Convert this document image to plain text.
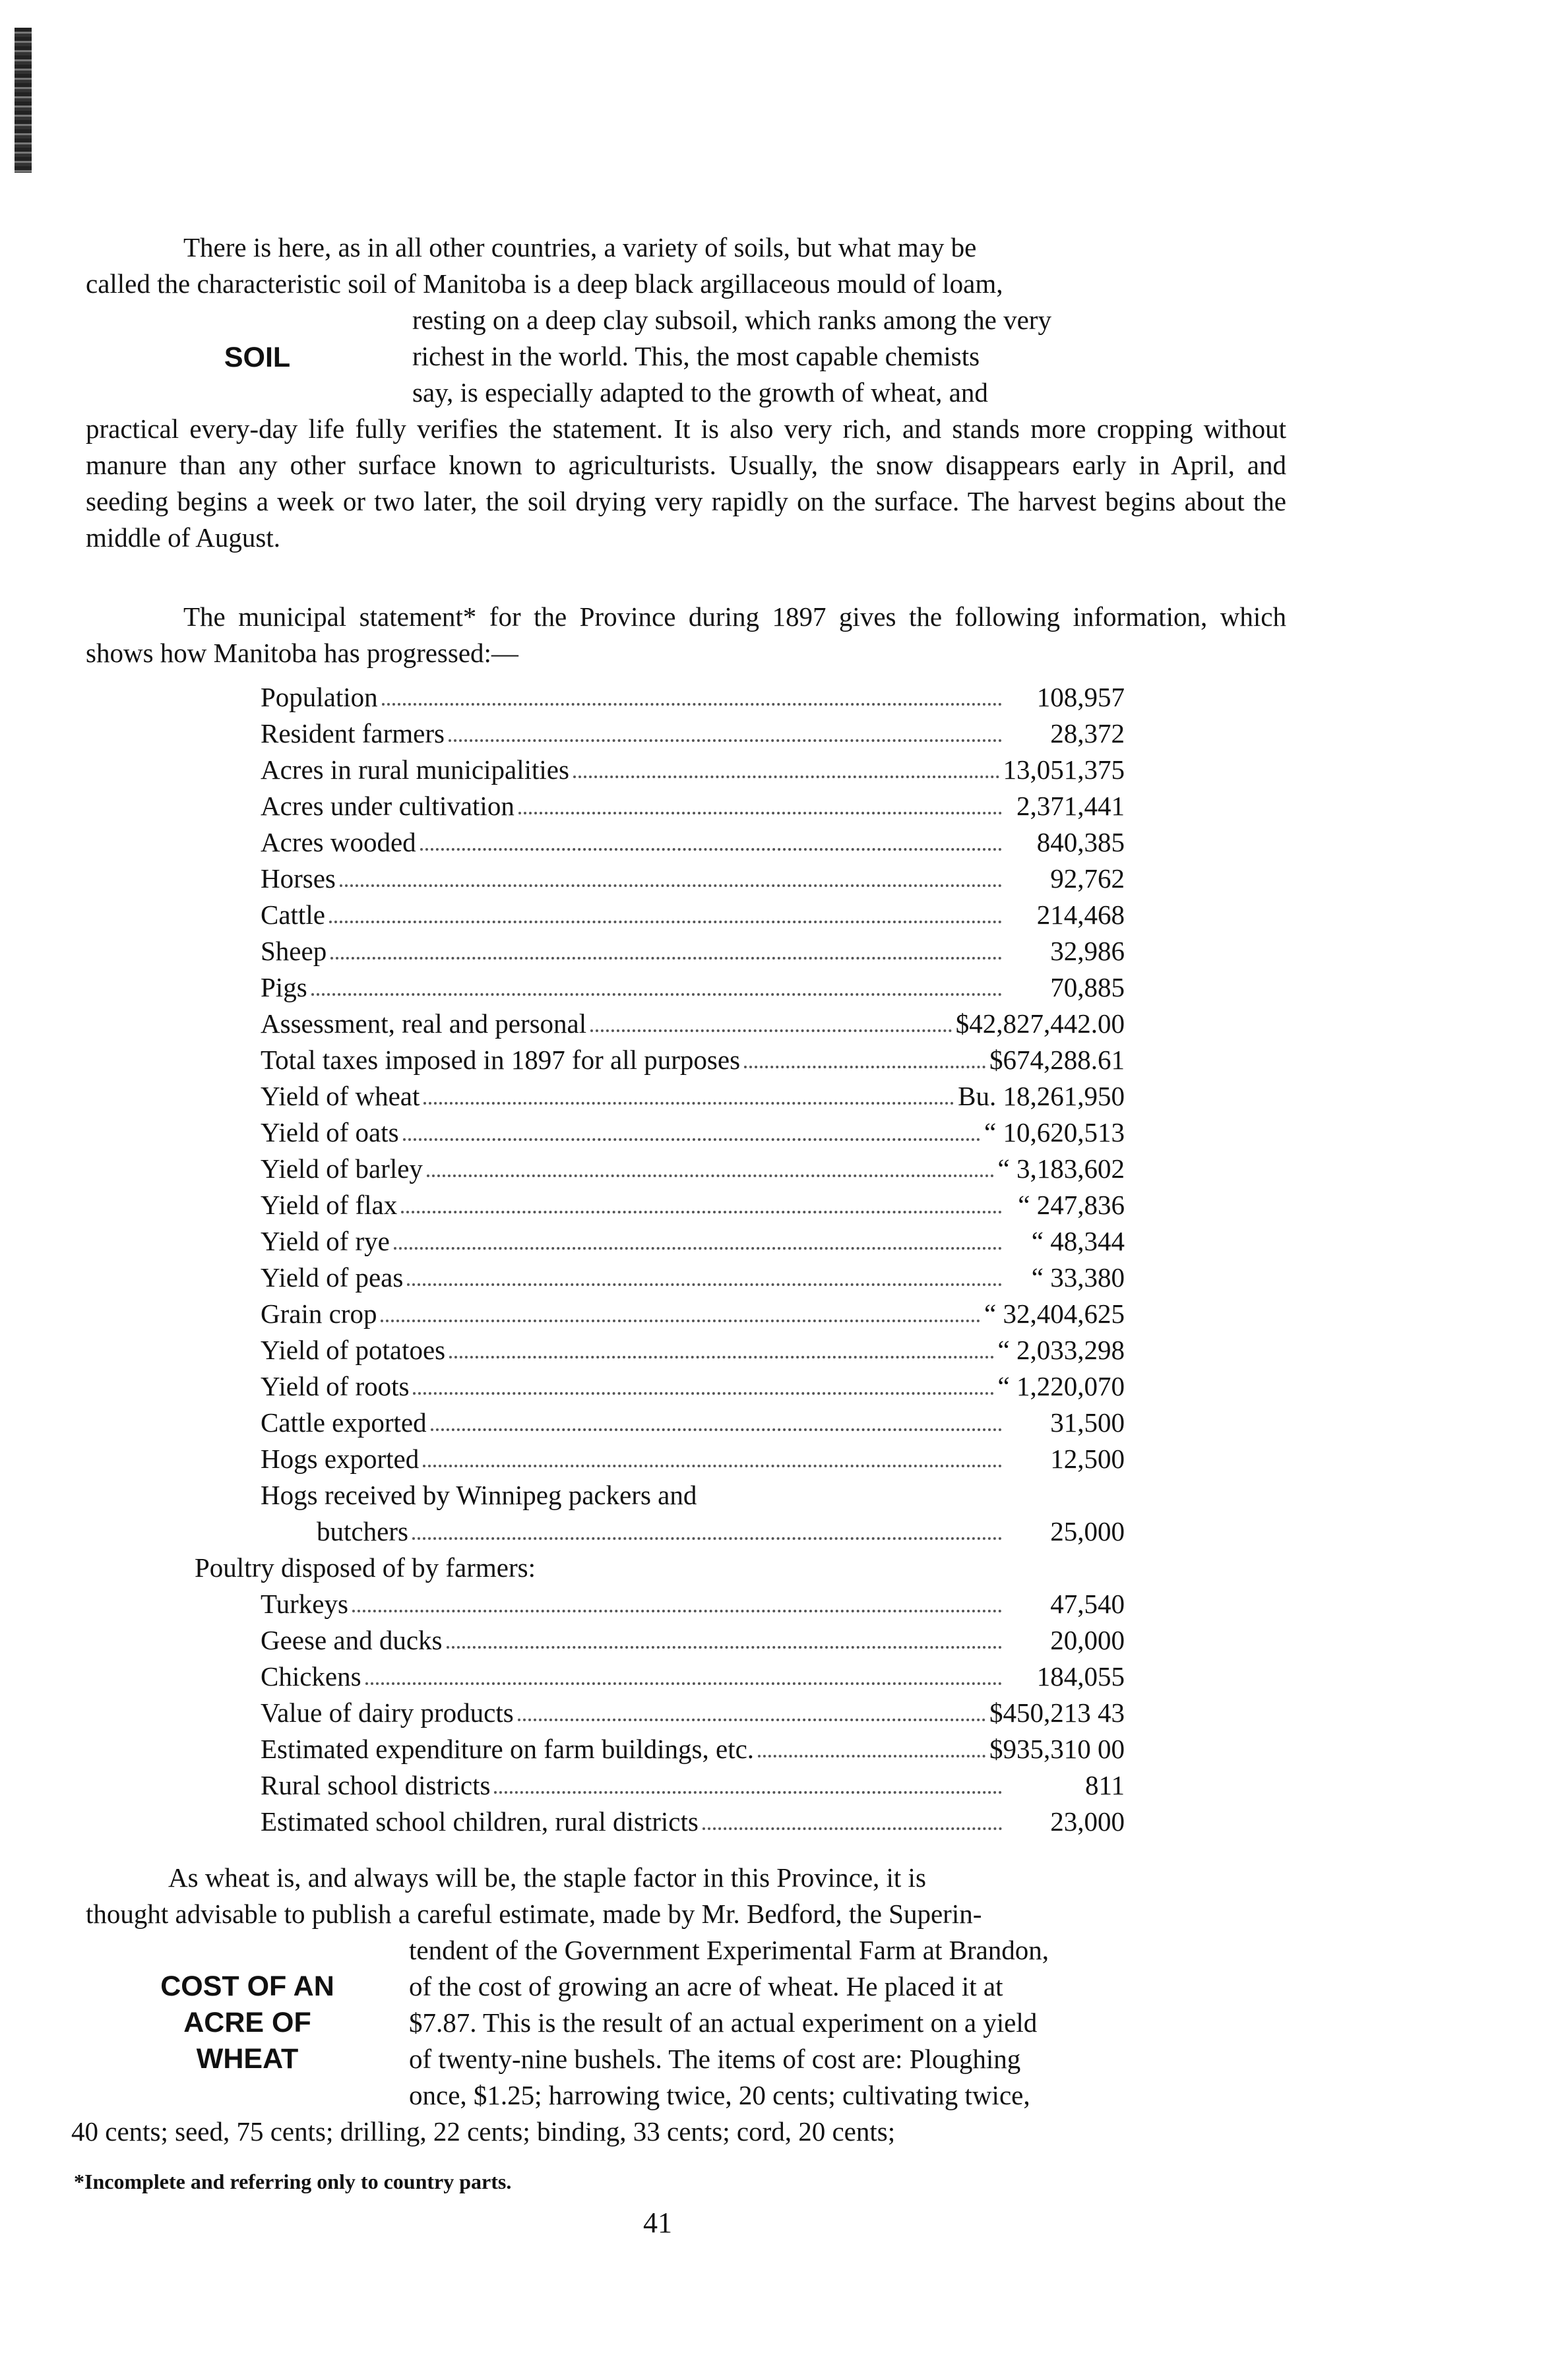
There is here, as in all other countries, a variety of soils, but what may be

called the characteristic soil of Manitoba is a deep black argillaceous mould of loam,

SOIL
resting on a deep clay subsoil, which ranks among the very
richest in the world. This, the most capable chemists
say, is especially adapted to the growth of wheat, and

practical every-day life fully verifies the statement. It is also very rich, and stands more cropping without manure than any other surface known to agriculturists. Usually, the snow disappears early in April, and seeding begins a week or two later, the soil drying very rapidly on the surface. The harvest begins about the middle of August.

The municipal statement* for the Province during 1897 gives the following information, which shows how Manitoba has progressed:—

Population	108,957
Resident farmers	28,372
Acres in rural municipalities	13,051,375
Acres under cultivation	2,371,441
Acres wooded	840,385
Horses	92,762
Cattle	214,468
Sheep	32,986
Pigs	70,885
Assessment, real and personal	$42,827,442.00
Total taxes imposed in 1897 for all purposes	$674,288.61
Yield of wheat	Bu. 18,261,950
Yield of oats	“ 10,620,513
Yield of barley	“ 3,183,602
Yield of flax	“ 247,836
Yield of rye	“ 48,344
Yield of peas	“ 33,380
Grain crop	“ 32,404,625
Yield of potatoes	“ 2,033,298
Yield of roots	“ 1,220,070
Cattle exported	31,500
Hogs exported	12,500
Hogs received by Winnipeg packers and
butchers	25,000
Poultry disposed of by farmers:
Turkeys	47,540
Geese and ducks	20,000
Chickens	184,055
Value of dairy products	$450,213 43
Estimated expenditure on farm buildings, etc.	$935,310 00
Rural school districts	811
Estimated school children, rural districts	23,000

As wheat is, and always will be, the staple factor in this Province, it is

thought advisable to publish a careful estimate, made by Mr. Bedford, the Superin-

COST OF AN
ACRE OF
WHEAT
tendent of the Government Experimental Farm at Brandon,
of the cost of growing an acre of wheat. He placed it at
$7.87. This is the result of an actual experiment on a yield
of twenty-nine bushels. The items of cost are: Ploughing
once, $1.25; harrowing twice, 20 cents; cultivating twice,

40 cents; seed, 75 cents; drilling, 22 cents; binding, 33 cents; cord, 20 cents;

*Incomplete and referring only to country parts.
41
